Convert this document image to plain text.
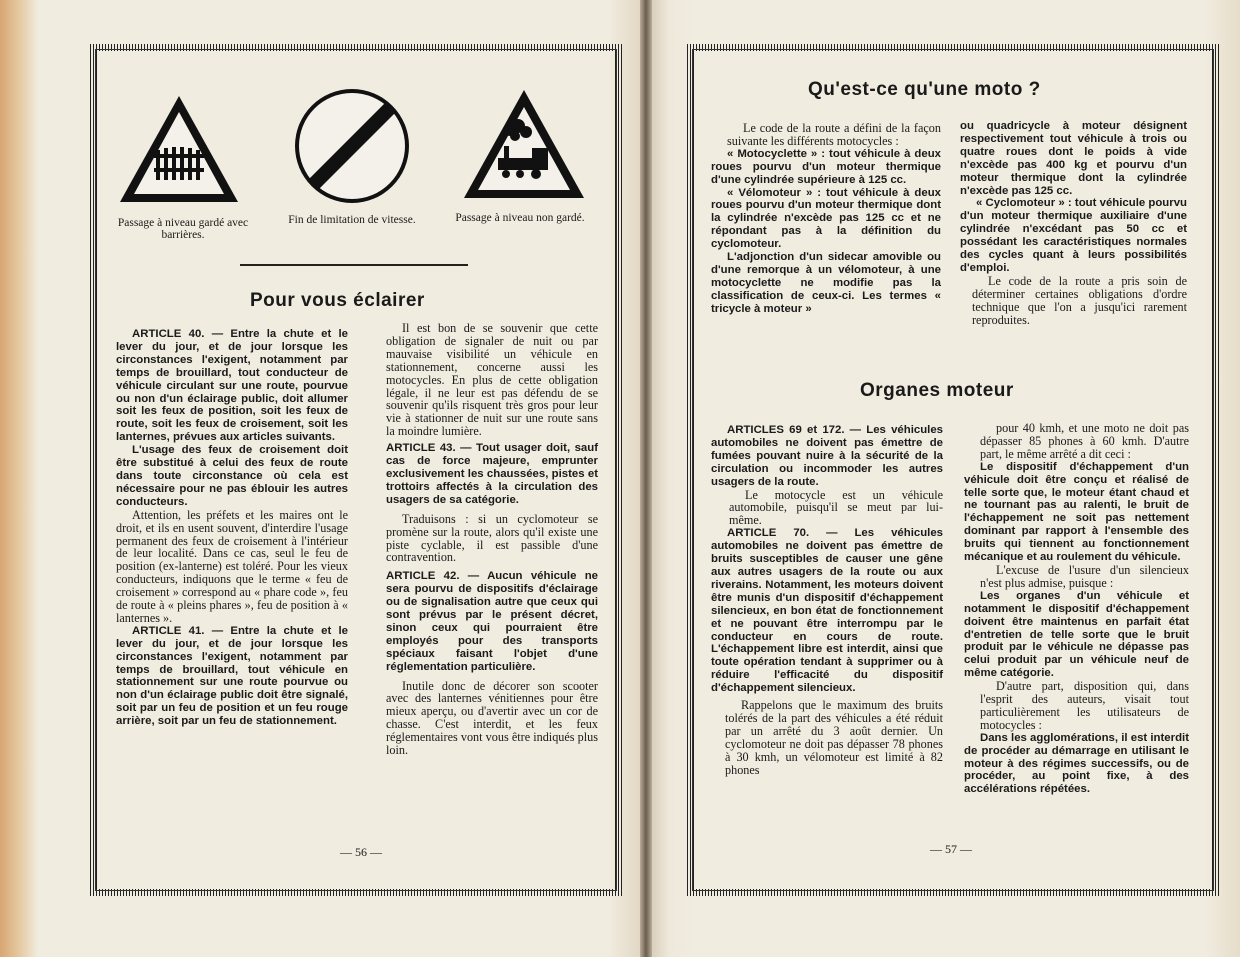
Passage à niveau gardé avec barrières.
Fin de limitation de vitesse.	Passage à niveau non gardé.
Pour vous éclairer

ARTICLE 40. — Entre la chute et le lever du jour, et de jour lorsque les circonstances l'exigent, notamment par temps de brouillard, tout conducteur de véhicule circulant sur une route, pourvue ou non d'un éclairage public, doit allumer soit les feux de position, soit les feux de route, soit les feux de croisement, soit les lanternes, prévues aux articles suivants.

L'usage des feux de croisement doit être substitué à celui des feux de route dans toute circonstance où cela est nécessaire pour ne pas éblouir les autres conducteurs.

Attention, les préfets et les maires ont le droit, et ils en usent souvent, d'interdire l'usage permanent des feux de croisement à l'intérieur de leur localité. Dans ce cas, seul le feu de position (ex-lanterne) est toléré. Pour les vieux conducteurs, indiquons que le terme « feu de croisement » correspond au « phare code », feu de route à « pleins phares », feu de position à « lanternes ».

ARTICLE 41. — Entre la chute et le lever du jour, et de jour lorsque les circonstances l'exigent, notamment par temps de brouillard, tout véhicule en stationnement sur une route pourvue ou non d'un éclairage public doit être signalé, soit par un feu de position et un feu rouge arrière, soit par un feu de stationnement.

Il est bon de se souvenir que cette obligation de signaler de nuit ou par mauvaise visibilité un véhicule en stationnement, concerne aussi les motocycles. En plus de cette obligation légale, il ne leur est pas défendu de se souvenir qu'ils risquent très gros pour leur vie à stationner de nuit sur une route sans la moindre lumière.

ARTICLE 43. — Tout usager doit, sauf cas de force majeure, emprunter exclusivement les chaussées, pistes et trottoirs affectés à la circulation des usagers de sa catégorie.

Traduisons : si un cyclomoteur se promène sur la route, alors qu'il existe une piste cyclable, il est passible d'une contravention.

ARTICLE 42. — Aucun véhicule ne sera pourvu de dispositifs d'éclairage ou de signalisation autre que ceux qui sont prévus par le présent décret, sinon ceux qui pourraient être employés pour des transports spéciaux faisant l'objet d'une réglementation particulière.

Inutile donc de décorer son scooter avec des lanternes vénitiennes pour être mieux aperçu, ou d'avertir avec un cor de chasse. C'est interdit, et les feux réglementaires vont vous être indiqués plus loin.

— 56 —
Qu'est-ce qu'une moto ?

Le code de la route a défini de la façon suivante les différents motocycles :

« Motocyclette » : tout véhicule à deux roues pourvu d'un moteur thermique d'une cylindrée supérieure à 125 cc.

« Vélomoteur » : tout véhicule à deux roues pourvu d'un moteur thermique dont la cylindrée n'excède pas 125 cc et ne répondant pas à la définition du cyclomoteur.

L'adjonction d'un sidecar amovible ou d'une remorque à un vélomoteur, à une motocyclette ne modifie pas la classification de ceux-ci. Les termes « tricycle à moteur »

ou quadricycle à moteur désignent respectivement tout véhicule à trois ou quatre roues dont le poids à vide n'excède pas 400 kg et pourvu d'un moteur thermique dont la cylindrée n'excède pas 125 cc.

« Cyclomoteur » : tout véhicule pourvu d'un moteur thermique auxiliaire d'une cylindrée n'excédant pas 50 cc et possédant les caractéristiques normales des cycles quant à leurs possibilités d'emploi.

Le code de la route a pris soin de déterminer certaines obligations d'ordre technique que l'on a jusqu'ici rarement reproduites.

Organes moteur

ARTICLES 69 et 172. — Les véhicules automobiles ne doivent pas émettre de fumées pouvant nuire à la sécurité de la circulation ou incommoder les autres usagers de la route.

Le motocycle est un véhicule automobile, puisqu'il se meut par lui-même.

ARTICLE 70. — Les véhicules automobiles ne doivent pas émettre de bruits susceptibles de causer une gêne aux autres usagers de la route ou aux riverains. Notamment, les moteurs doivent être munis d'un dispositif d'échappement silencieux, en bon état de fonctionnement et ne pouvant être interrompu par le conducteur en cours de route. L'échappement libre est interdit, ainsi que toute opération tendant à supprimer ou à réduire l'efficacité du dispositif d'échappement silencieux.

Rappelons que le maximum des bruits tolérés de la part des véhicules a été réduit par un arrêté du 3 août dernier. Un cyclomoteur ne doit pas dépasser 78 phones à 30 kmh, un vélomoteur est limité à 82 phones

pour 40 kmh, et une moto ne doit pas dépasser 85 phones à 60 kmh. D'autre part, le même arrêté a dit ceci :

Le dispositif d'échappement d'un véhicule doit être conçu et réalisé de telle sorte que, le moteur étant chaud et ne tournant pas au ralenti, le bruit de l'échappement ne soit pas nettement dominant par rapport à l'ensemble des bruits qui tiennent au fonctionnement mécanique et au roulement du véhicule.

L'excuse de l'usure d'un silencieux n'est plus admise, puisque :

Les organes d'un véhicule et notamment le dispositif d'échappement doivent être maintenus en parfait état d'entretien de telle sorte que le bruit produit par le véhicule ne dépasse pas celui produit par un véhicule neuf de même catégorie.

D'autre part, disposition qui, dans l'esprit des auteurs, visait tout particulièrement les utilisateurs de motocycles :

Dans les agglomérations, il est interdit de procéder au démarrage en utilisant le moteur à des régimes successifs, ou de procéder, au point fixe, à des accélérations répétées.

— 57 —
